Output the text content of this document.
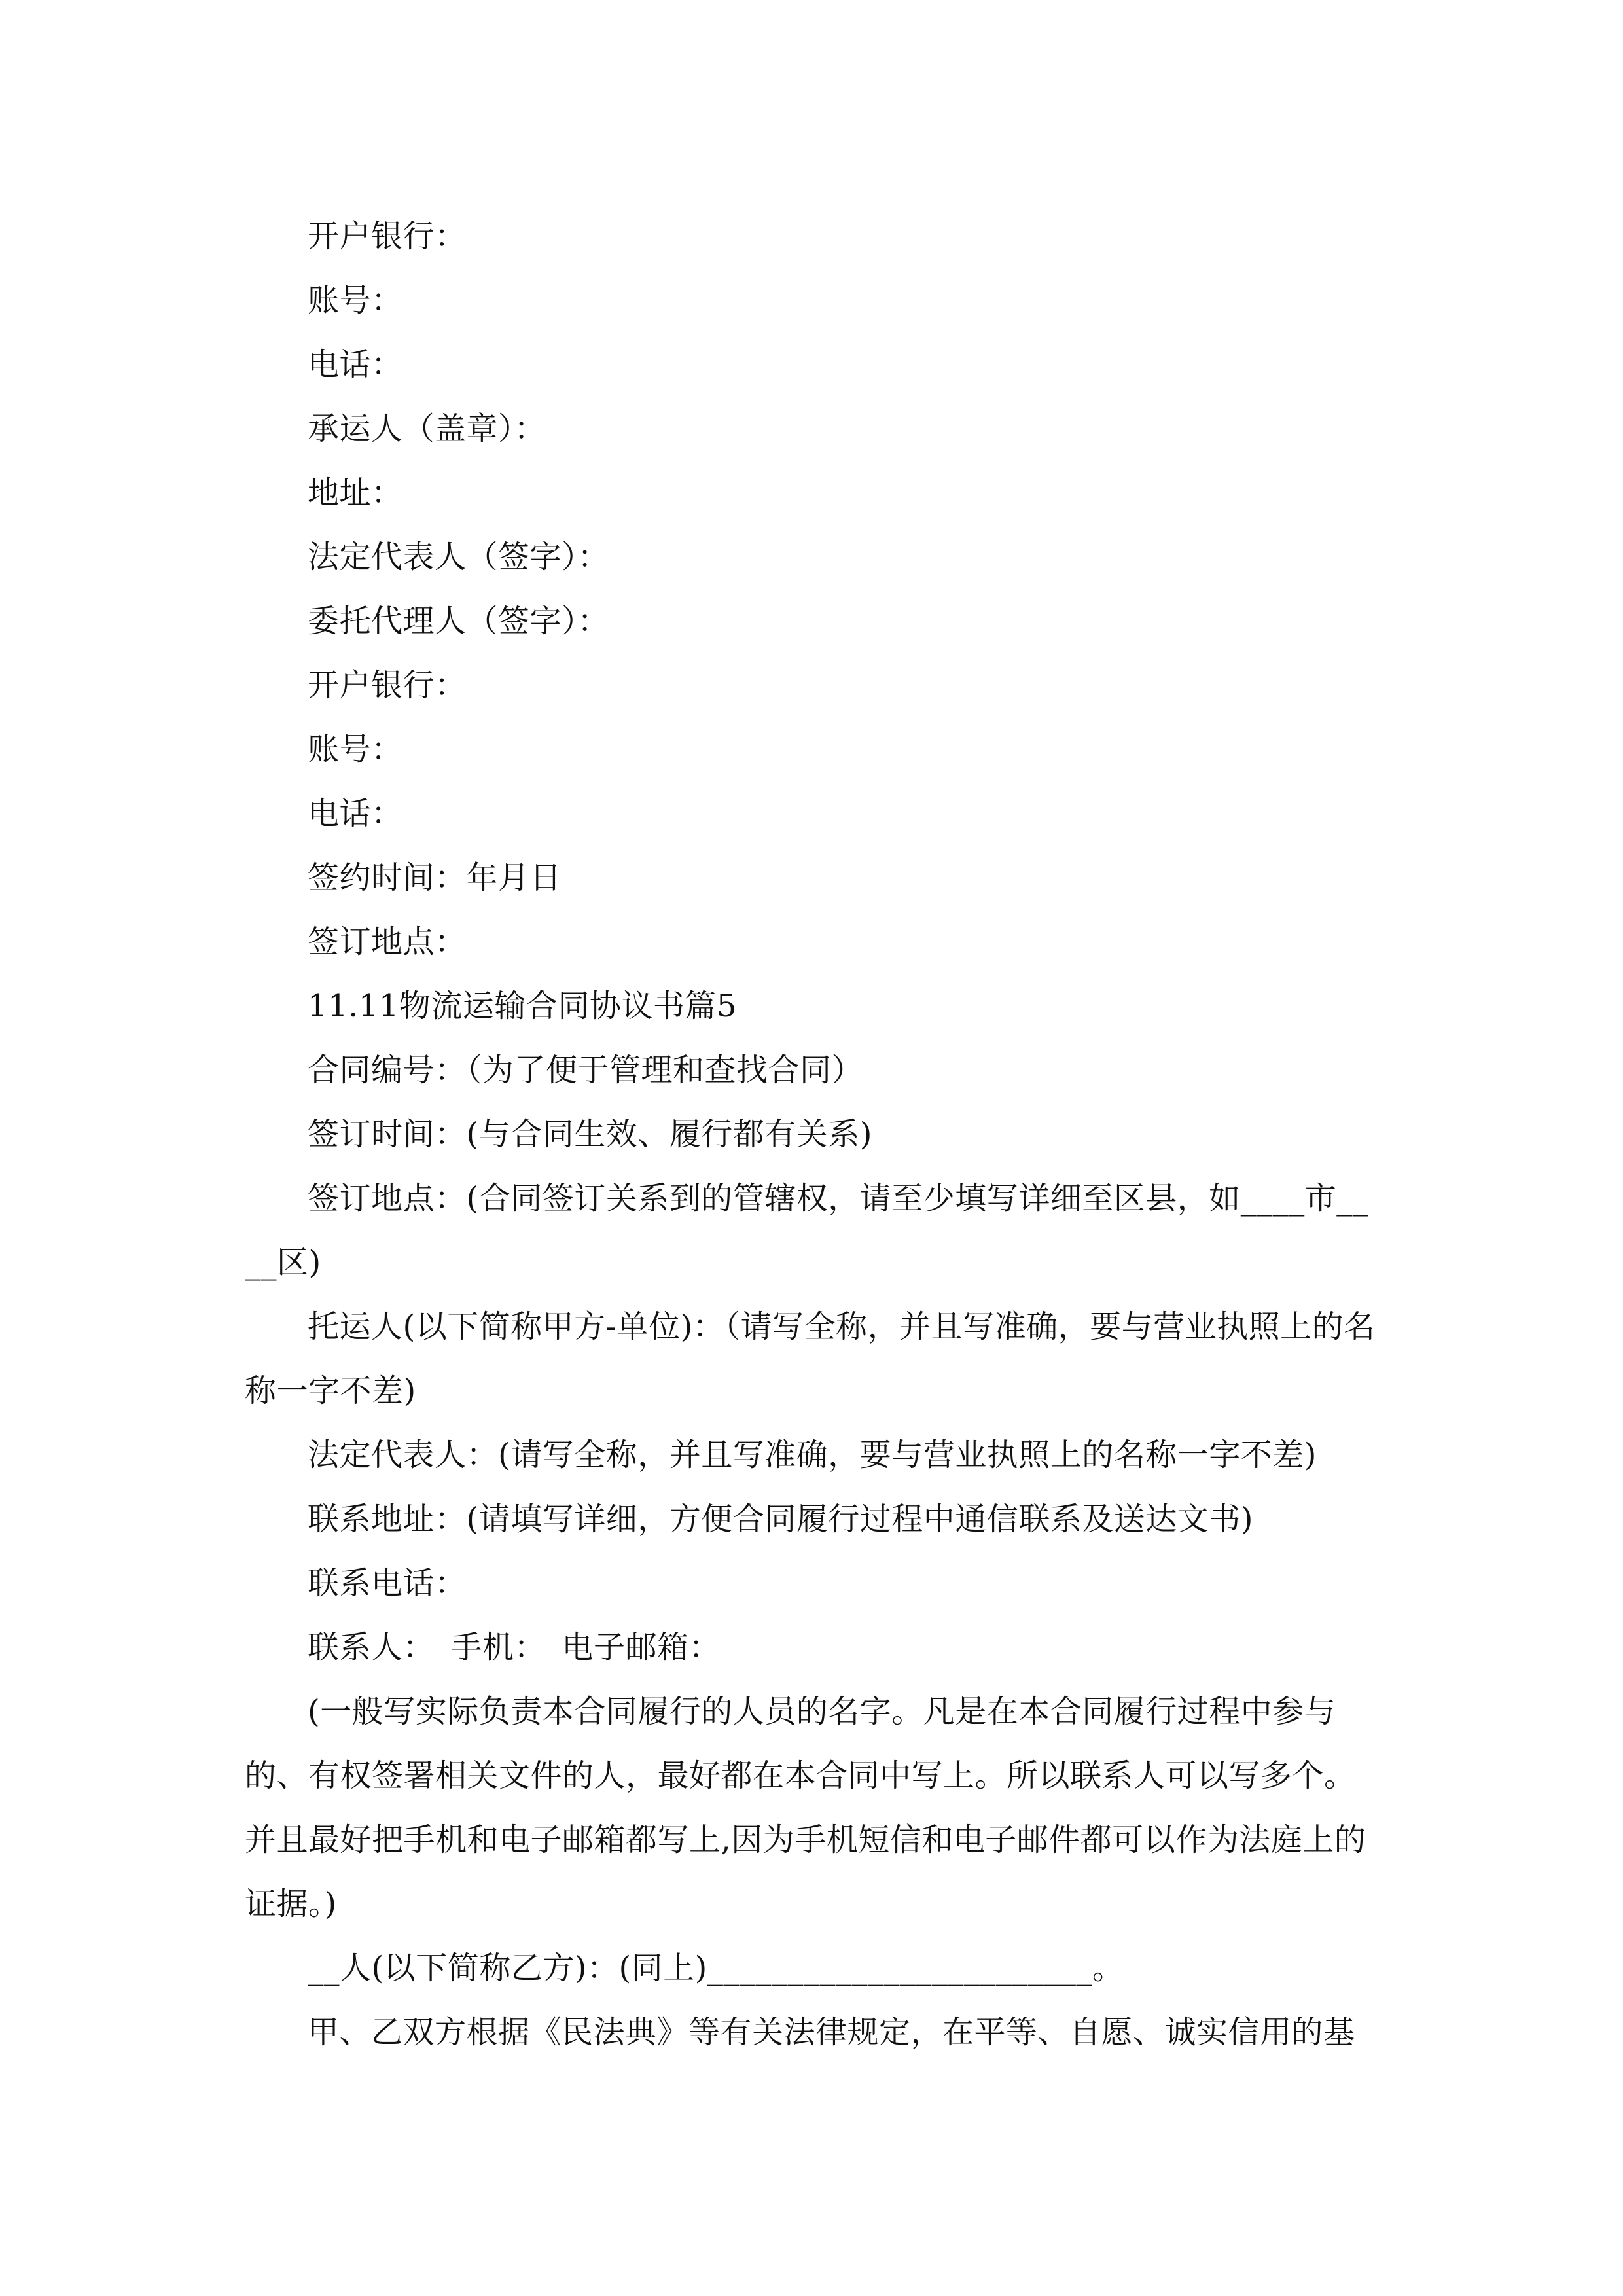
开户银行：

账号：

电话：

承运人（盖章）：

地址：

法定代表人（签字）：

委托代理人（签字）：

开户银行：

账号：

电话：

签约时间：年月日

签订地点：

11.11物流运输合同协议书篇5

合同编号：（为了便于管理和查找合同）

签订时间：(与合同生效、履行都有关系)

签订地点：(合同签订关系到的管辖权，请至少填写详细至区县，如____市____区)

托运人(以下简称甲方-单位)：（请写全称，并且写准确，要与营业执照上的名称一字不差)

法定代表人：(请写全称，并且写准确，要与营业执照上的名称一字不差)

联系地址：(请填写详细，方便合同履行过程中通信联系及送达文书)

联系电话：

联系人：　手机：　电子邮箱：

(一般写实际负责本合同履行的人员的名字。凡是在本合同履行过程中参与的、有权签署相关文件的人，最好都在本合同中写上。所以联系人可以写多个。并且最好把手机和电子邮箱都写上,因为手机短信和电子邮件都可以作为法庭上的证据。)

__人(以下简称乙方)：(同上)________________________。

甲、乙双方根据《民法典》等有关法律规定，在平等、自愿、诚实信用的基
